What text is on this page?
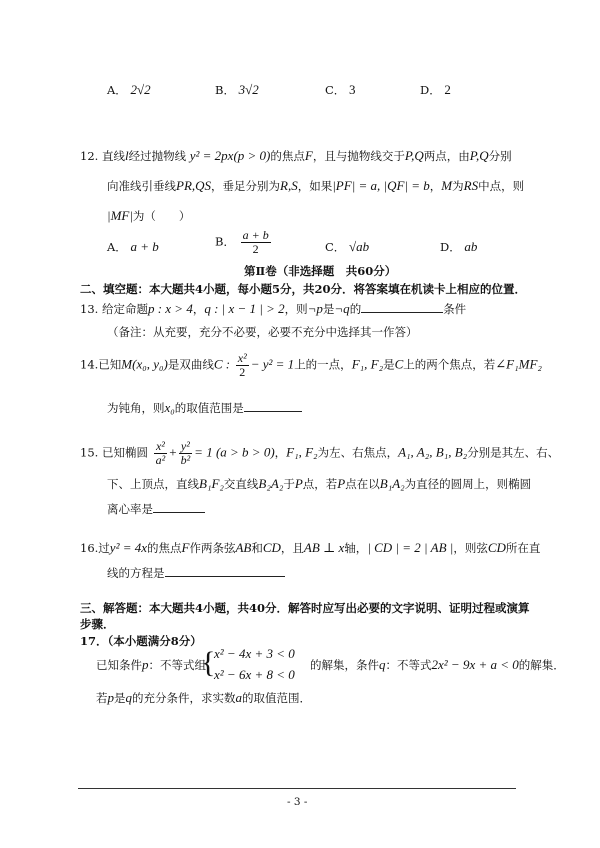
A． 2√2	B． 3√2	C． 3	D． 2
12. 直线l经过抛物线 y² = 2px(p > 0)的焦点F，且与抛物线交于P,Q两点，由P,Q分别
向准线引垂线PR,QS，垂足分别为R,S，如果|PF| = a, |QF| = b，M为RS中点，则
|MF|为（　　）
A． a + b	B． $\frac{a + b}{2}$	C． √ab	D． ab
第Ⅱ卷（非选择题　共60分）
二、填空题：本大题共4小题，每小题5分，共20分．将答案填在机读卡上相应的位置．
13. 给定命题p : x > 4，q : | x − 1 | > 2，则¬p是¬q的	条件
（备注：从充要，充分不必要，必要不充分中选择其一作答）
14.已知M(x₀, y₀)是双曲线C : $\frac{\text{x²}}{2} - y^2 = 1$上的一点，F₁, F₂是C上的两个焦点，若∠F₁MF₂
为钝角，则x₀的取值范围是
15. 已知椭圆 $\frac{\text{x²}}{\text{a²}} + \frac{\text{y²}}{\text{b²}} = 1$ (a > b > 0)，F₁, F₂为左、右焦点，A₁, A₂, B₁, B₂分别是其左、右、
下、上顶点，直线B₁F₂交直线B₂A₂于P点，若P点在以B₁A₂为直径的圆周上，则椭圆
离心率是
16.过y² = 4x的焦点F作两条弦AB和CD，且AB ⊥ x轴，| CD | = 2 | AB |，则弦CD所在直
线的方程是
三、解答题：本大题共4小题，共40分．解答时应写出必要的文字说明、证明过程或演算
步骤．
17．（本小题满分8分）
已知条件p：不等式组
{
x² − 4x + 3 < 0
x² − 6x + 8 < 0
的解集，条件q：不等式2x² − 9x + a < 0的解集．
若p是q的充分条件，求实数a的取值范围．
- 3 -
